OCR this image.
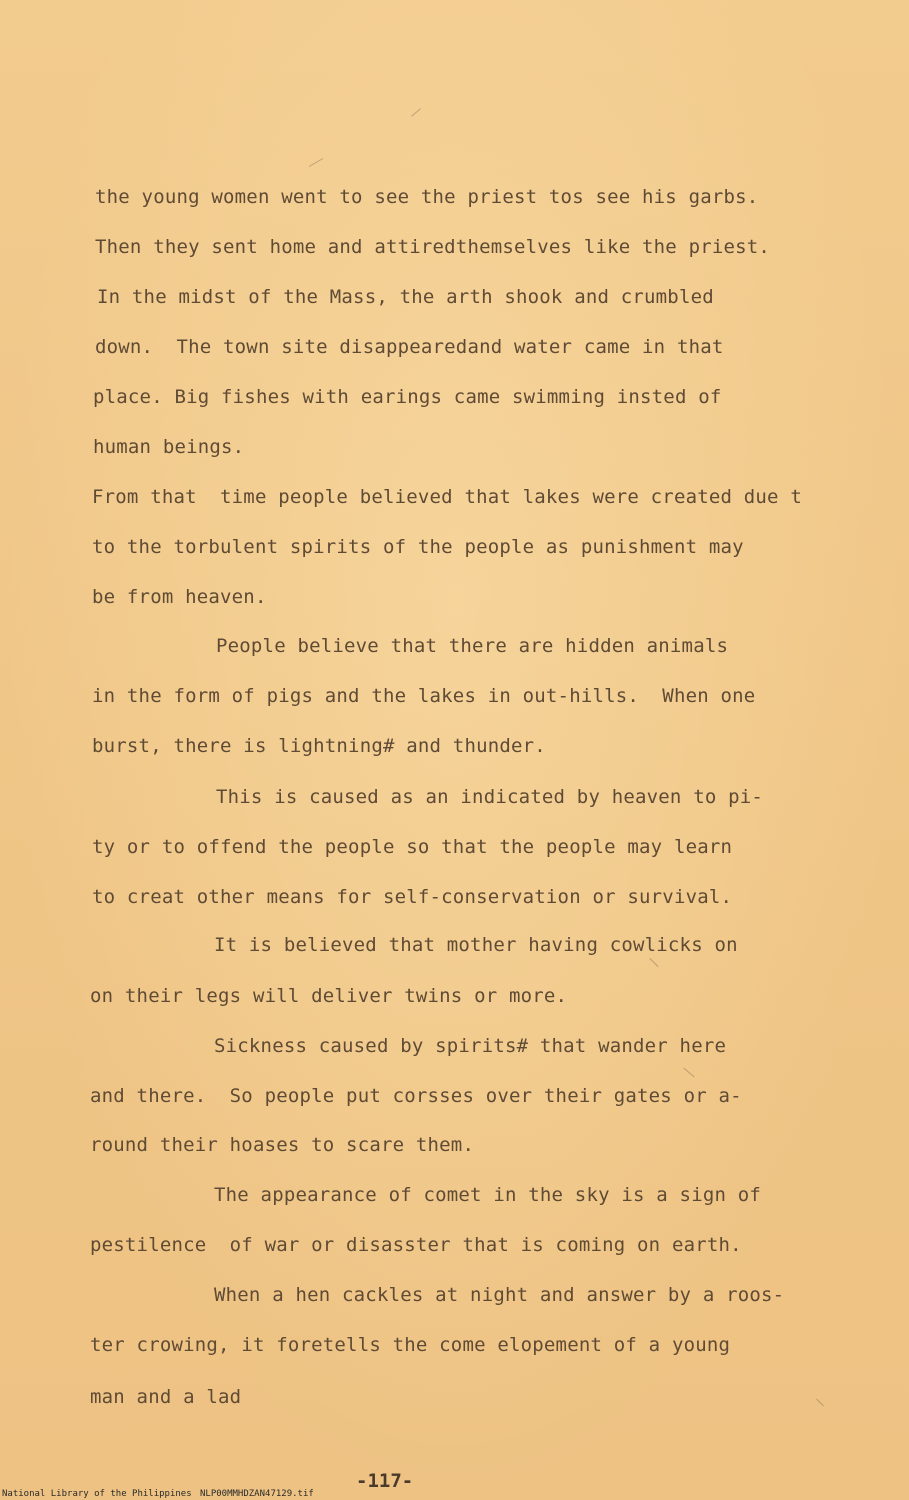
the young women went to see the priest tos see his garbs.
Then they sent home and attiredthemselves like the priest.
In the midst of the Mass, the arth shook and crumbled
down.  The town site disappearedand water came in that
place. Big fishes with earings came swimming insted of
human beings.
From that  time people believed that lakes were created due t
to the torbulent spirits of the people as punishment may
be from heaven.
People believe that there are hidden animals
in the form of pigs and the lakes in out-hills.  When one
burst, there is lightning# and thunder.
This is caused as an indicated by heaven to pi-
ty or to offend the people so that the people may learn
to creat other means for self-conservation or survival.
It is believed that mother having cowlicks on
on their legs will deliver twins or more.
Sickness caused by spirits# that wander here
and there.  So people put corsses over their gates or a-
round their hoases to scare them.
The appearance of comet in the sky is a sign of
pestilence  of war or disasster that is coming on earth.
When a hen cackles at night and answer by a roos-
ter crowing, it foretells the come elopement of a young
man and a lad
-117-
National Library of the Philippines NLP00MMHDZAN47129.tif
